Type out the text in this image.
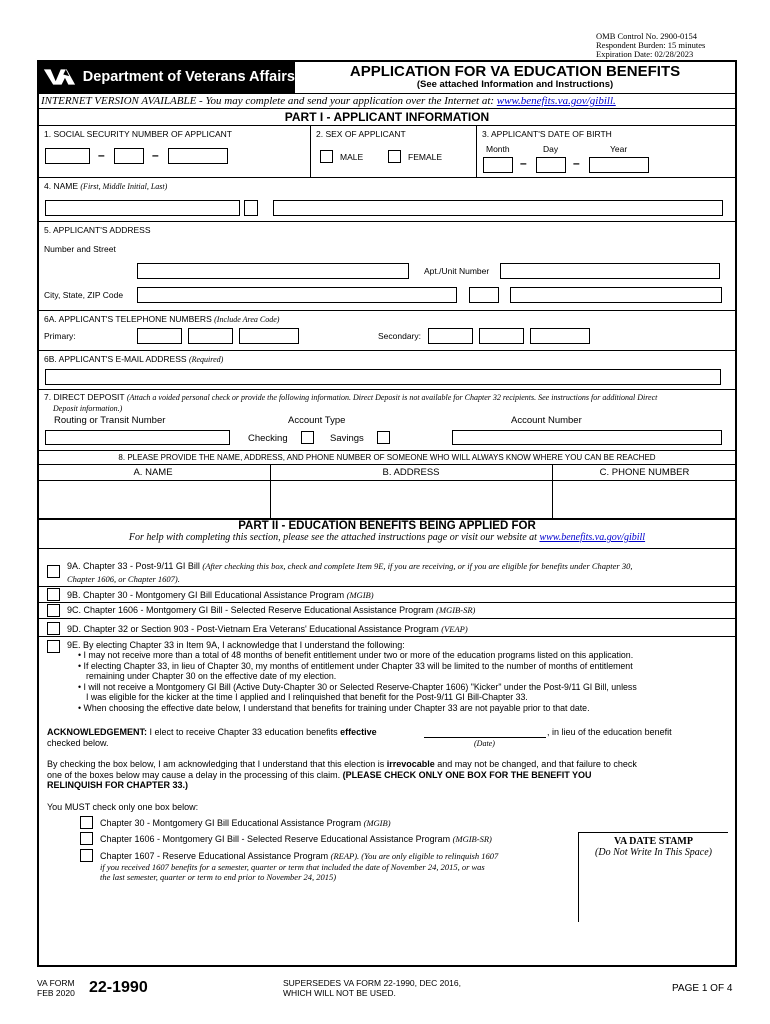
OMB Control No. 2900-0154
Respondent Burden: 15 minutes
Expiration Date: 02/28/2023
Department of Veterans Affairs	APPLICATION FOR VA EDUCATION BENEFITS
(See attached Information and Instructions)
INTERNET VERSION AVAILABLE - You may complete and send your application over the Internet at: www.benefits.va.gov/gibill.
PART I - APPLICANT INFORMATION
1. SOCIAL SECURITY NUMBER OF APPLICANT	2. SEX OF APPLICANT	3. APPLICANT'S DATE OF BIRTH
–	–	MALE	FEMALE
Month	Day	Year
–	–
4. NAME (First, Middle Initial, Last)
5. APPLICANT'S ADDRESS
Number and Street
Apt./Unit Number
City, State, ZIP Code
6A. APPLICANT'S TELEPHONE NUMBERS (Include Area Code)
Primary:	Secondary:
6B. APPLICANT'S E-MAIL ADDRESS (Required)
7. DIRECT DEPOSIT (Attach a voided personal check or provide the following information. Direct Deposit is not available for Chapter 32 recipients. See instructions for additional Direct
Deposit information.)
Routing or Transit Number	Account Type	Account Number
Checking	Savings
8. PLEASE PROVIDE THE NAME, ADDRESS, AND PHONE NUMBER OF SOMEONE WHO WILL ALWAYS KNOW WHERE YOU CAN BE REACHED
A. NAME	B. ADDRESS	C. PHONE NUMBER
PART II - EDUCATION BENEFITS BEING APPLIED FOR
For help with completing this section, please see the attached instructions page or visit our website at www.benefits.va.gov/gibill
9A. Chapter 33 - Post-9/11 GI Bill (After checking this box, check and complete Item 9E, if you are receiving, or if you are eligible for benefits under Chapter 30,
Chapter 1606, or Chapter 1607).
9B. Chapter 30 - Montgomery GI Bill Educational Assistance Program (MGIB)
9C. Chapter 1606 - Montgomery GI Bill - Selected Reserve Educational Assistance Program (MGIB-SR)
9D. Chapter 32 or Section 903 - Post-Vietnam Era Veterans' Educational Assistance Program (VEAP)
9E. By electing Chapter 33 in Item 9A, I acknowledge that I understand the following:
• I may not receive more than a total of 48 months of benefit entitlement under two or more of the education programs listed on this application.
• If electing Chapter 33, in lieu of Chapter 30, my months of entitlement under Chapter 33 will be limited to the number of months of entitlement
remaining under Chapter 30 on the effective date of my election.
• I will not receive a Montgomery GI Bill (Active Duty-Chapter 30 or Selected Reserve-Chapter 1606) "Kicker" under the Post-9/11 GI Bill, unless
I was eligible for the kicker at the time I applied and I relinquished that benefit for the Post-9/11 GI Bill-Chapter 33.
• When choosing the effective date below, I understand that benefits for training under Chapter 33 are not payable prior to that date.
ACKNOWLEDGEMENT: I elect to receive Chapter 33 education benefits effective	, in lieu of the education benefit
checked below.	(Date)
By checking the box below, I am acknowledging that I understand that this election is irrevocable and may not be changed, and that failure to check
one of the boxes below may cause a delay in the processing of this claim. (PLEASE CHECK ONLY ONE BOX FOR THE BENEFIT YOU
RELINQUISH FOR CHAPTER 33.)
You MUST check only one box below:
Chapter 30 - Montgomery GI Bill Educational Assistance Program (MGIB)
Chapter 1606 - Montgomery GI Bill - Selected Reserve Educational Assistance Program (MGIB-SR)
Chapter 1607 - Reserve Educational Assistance Program (REAP). (You are only eligible to relinquish 1607
if you received 1607 benefits for a semester, quarter or term that included the date of November 24, 2015, or was
the last semester, quarter or term to end prior to November 24, 2015)
VA DATE STAMP
(Do Not Write In This Space)
VA FORM
FEB 2020 22-1990	SUPERSEDES VA FORM 22-1990, DEC 2016,
WHICH WILL NOT BE USED.	PAGE 1 OF 4
